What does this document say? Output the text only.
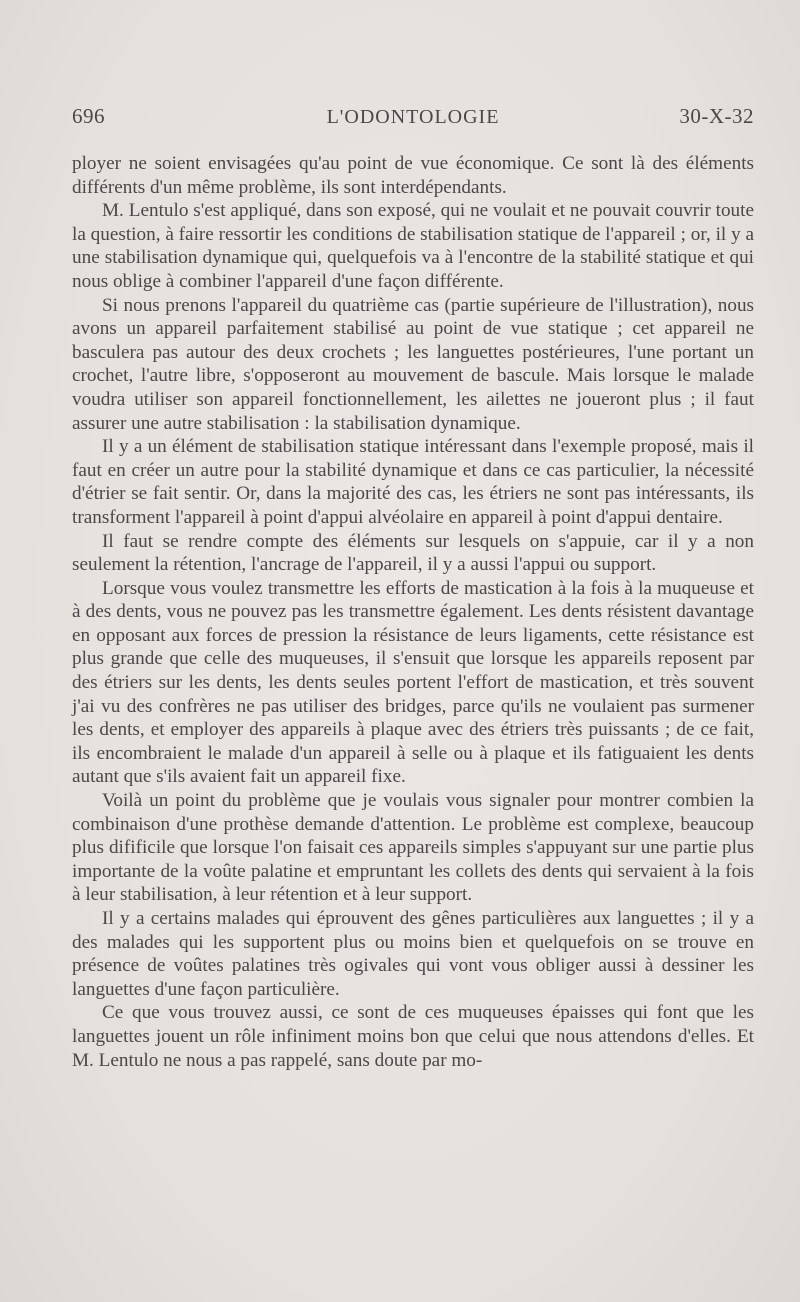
696	L'ODONTOLOGIE	30-X-32

ployer ne soient envisagées qu'au point de vue économique. Ce sont là des éléments différents d'un même problème, ils sont interdépendants.

M. Lentulo s'est appliqué, dans son exposé, qui ne voulait et ne pouvait couvrir toute la question, à faire ressortir les conditions de stabilisation statique de l'appareil ; or, il y a une stabilisation dynamique qui, quelquefois va à l'encontre de la stabilité statique et qui nous oblige à combiner l'appareil d'une façon différente.

Si nous prenons l'appareil du quatrième cas (partie supérieure de l'illustration), nous avons un appareil parfaitement stabilisé au point de vue statique ; cet appareil ne basculera pas autour des deux crochets ; les languettes postérieures, l'une portant un crochet, l'autre libre, s'opposeront au mouvement de bascule. Mais lorsque le malade voudra utiliser son appareil fonctionnellement, les ailettes ne joueront plus ; il faut assurer une autre stabilisation : la stabilisation dynamique.

Il y a un élément de stabilisation statique intéressant dans l'exemple proposé, mais il faut en créer un autre pour la stabilité dynamique et dans ce cas particulier, la nécessité d'étrier se fait sentir. Or, dans la majorité des cas, les étriers ne sont pas intéressants, ils transforment l'appareil à point d'appui alvéolaire en appareil à point d'appui dentaire.

Il faut se rendre compte des éléments sur lesquels on s'appuie, car il y a non seulement la rétention, l'ancrage de l'appareil, il y a aussi l'appui ou support.

Lorsque vous voulez transmettre les efforts de mastication à la fois à la muqueuse et à des dents, vous ne pouvez pas les transmettre également. Les dents résistent davantage en opposant aux forces de pression la résistance de leurs ligaments, cette résistance est plus grande que celle des muqueuses, il s'ensuit que lorsque les appareils reposent par des étriers sur les dents, les dents seules portent l'effort de mastication, et très souvent j'ai vu des confrères ne pas utiliser des bridges, parce qu'ils ne voulaient pas surmener les dents, et employer des appareils à plaque avec des étriers très puissants ; de ce fait, ils encombraient le malade d'un appareil à selle ou à plaque et ils fatiguaient les dents autant que s'ils avaient fait un appareil fixe.

Voilà un point du problème que je voulais vous signaler pour montrer combien la combinaison d'une prothèse demande d'attention. Le problème est complexe, beaucoup plus difificile que lorsque l'on faisait ces appareils simples s'appuyant sur une partie plus importante de la voûte palatine et empruntant les collets des dents qui servaient à la fois à leur stabilisation, à leur rétention et à leur support.

Il y a certains malades qui éprouvent des gênes particulières aux languettes ; il y a des malades qui les supportent plus ou moins bien et quelquefois on se trouve en présence de voûtes palatines très ogivales qui vont vous obliger aussi à dessiner les languettes d'une façon particulière.

Ce que vous trouvez aussi, ce sont de ces muqueuses épaisses qui font que les languettes jouent un rôle infiniment moins bon que celui que nous attendons d'elles. Et M. Lentulo ne nous a pas rappelé, sans doute par mo-
